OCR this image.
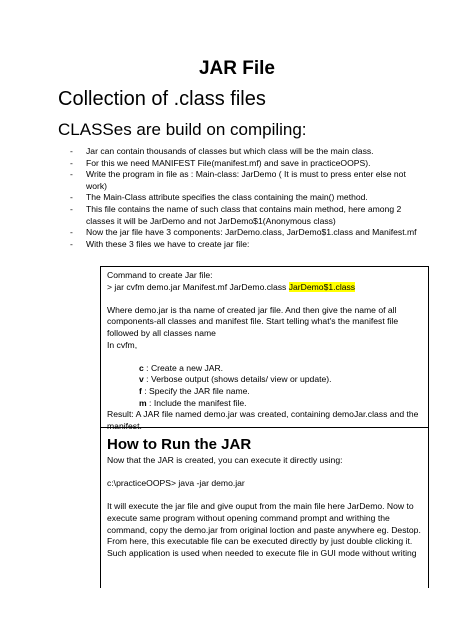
JAR File
Collection of .class files
CLASSes are build on compiling:
- Jar can contain thousands of classes but which class will be the main class.
- For this we need MANIFEST File(manifest.mf) and save in practiceOOPS).
- Write the program in file as : Main-class: JarDemo ( It is must to press enter else not work)
- The Main-Class attribute specifies the class containing the main() method.
- This file contains the name of such class that contains main method, here among 2 classes it will be JarDemo and not JarDemo$1(Anonymous class)
- Now the jar file have 3 components: JarDemo.class, JarDemo$1.class and Manifest.mf
- With these 3 files we have to create jar file:

Command to create Jar file:

> jar cvfm demo.jar Manifest.mf JarDemo.class JarDemo$1.class

Where demo.jar is tha name of created jar file. And then give the name of all components-all classes and manifest file. Start telling what's the manifest file followed by all classes name

In cvfm,

c : Create a new JAR.

v : Verbose output (shows details/ view or update).

f : Specify the JAR file name.

m : Include the manifest file.

Result: A JAR file named demo.jar was created, containing demoJar.class and the manifest.

How to Run the JAR

Now that the JAR is created, you can execute it directly using:

c:\practiceOOPS> java -jar demo.jar

It will execute the jar file and give ouput from the main file here JarDemo. Now to execute same program without opening command prompt and writhing the command, copy the demo.jar from original loction and paste anywhere eg. Destop. From here, this executable file can be executed directly by just double clicking it. Such application is used when needed to execute file in GUI mode without writing
